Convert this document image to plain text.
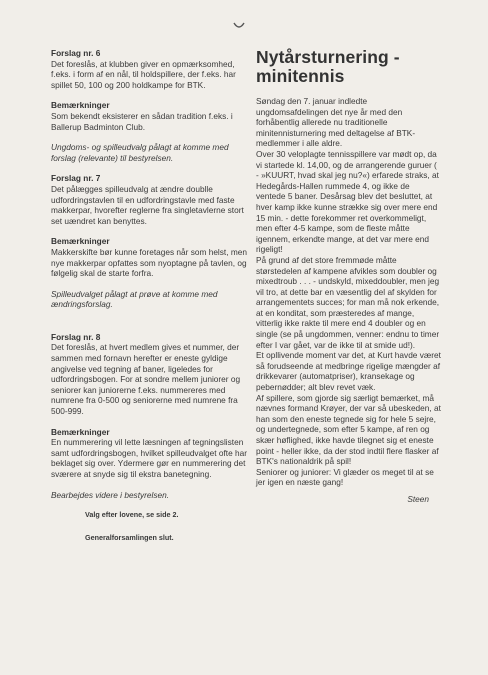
Forslag nr. 6

Det foreslås, at klubben giver en opmærksomhed, f.eks. i form af en nål, til holdspillere, der f.eks. har spillet 50, 100 og 200 holdkampe for BTK.

Bemærkninger

Som bekendt eksisterer en sådan tradition f.eks. i Ballerup Badminton Club.

Ungdoms- og spilleudvalg pålagt at komme med forslag (relevante) til bestyrelsen.

Forslag nr. 7

Det pålægges spilleudvalg at ændre doublle udfordringstavlen til en udfordringstavle med faste makkerpar, hvorefter reglerne fra singletavlerne stort set uændret kan benyttes.

Bemærkninger

Makkerskifte bør kunne foretages når som helst, men nye makkerpar opfattes som nyoptagne på tavlen, og følgelig skal de starte forfra.

Spilleudvalget pålagt at prøve at komme med ændringsforslag.

Forslag nr. 8

Det foreslås, at hvert medlem gives et nummer, der sammen med fornavn herefter er eneste gyldige angivelse ved tegning af baner, ligeledes for udfordringsbogen. For at sondre mellem juniorer og seniorer kan juniorerne f.eks. nummereres med numrene fra 0-500 og seniorerne med numrene fra 500-999.

Bemærkninger

En nummerering vil lette læsningen af tegningslisten samt udfordringsbogen, hvilket spilleudvalget ofte har beklaget sig over. Ydermere gør en nummerering det sværere at snyde sig til ekstra banetegning.

Bearbejdes videre i bestyrelsen.

Valg efter lovene, se side 2.

Generalforsamlingen slut.

Nytårsturnering - minitennis

Søndag den 7. januar indledte ungdomsafdelingen det nye år med den forhåbentlig allerede nu traditionelle minitennisturnering med deltagelse af BTK-medlemmer i alle aldre.

Over 30 veloplagte tennisspillere var mødt op, da vi startede kl. 14,00, og de arrangerende guruer ( - »KUURT, hvad skal jeg nu?«) erfarede straks, at Hedegårds-Hallen rummede 4, og ikke de ventede 5 baner. Desårsag blev det besluttet, at hver kamp ikke kunne strække sig over mere end 15 min. - dette forekommer ret overkommeligt, men efter 4-5 kampe, som de fleste måtte igennem, erkendte mange, at det var mere end rigeligt!

På grund af det store fremmøde måtte størstedelen af kampene afvikles som doubler og mixedtroub . . . - undskyld, mixeddoubler, men jeg vil tro, at dette bar en væsentlig del af skylden for arrangementets succes; for man må nok erkende, at en konditat, som præsteredes af mange, vitterlig ikke rakte til mere end 4 doubler og en single (se på ungdommen, venner: endnu to timer efter I var gået, var de ikke til at smide ud!).

Et opllivende moment var det, at Kurt havde været så forudseende at medbringe rigelige mængder af drikkevarer (automatpriser), kransekage og pebernødder; alt blev revet væk.

Af spillere, som gjorde sig særligt bemærket, må nævnes formand Krøyer, der var så ubeskeden, at han som den eneste tegnede sig for hele 5 sejre, og undertegnede, som efter 5 kampe, af ren og skær høflighed, ikke havde tilegnet sig et eneste point - heller ikke, da der stod indtil flere flasker af BTK's nationaldrik på spil!

Seniorer og juniorer: Vi glæder os meget til at se jer igen en næste gang!

Steen
